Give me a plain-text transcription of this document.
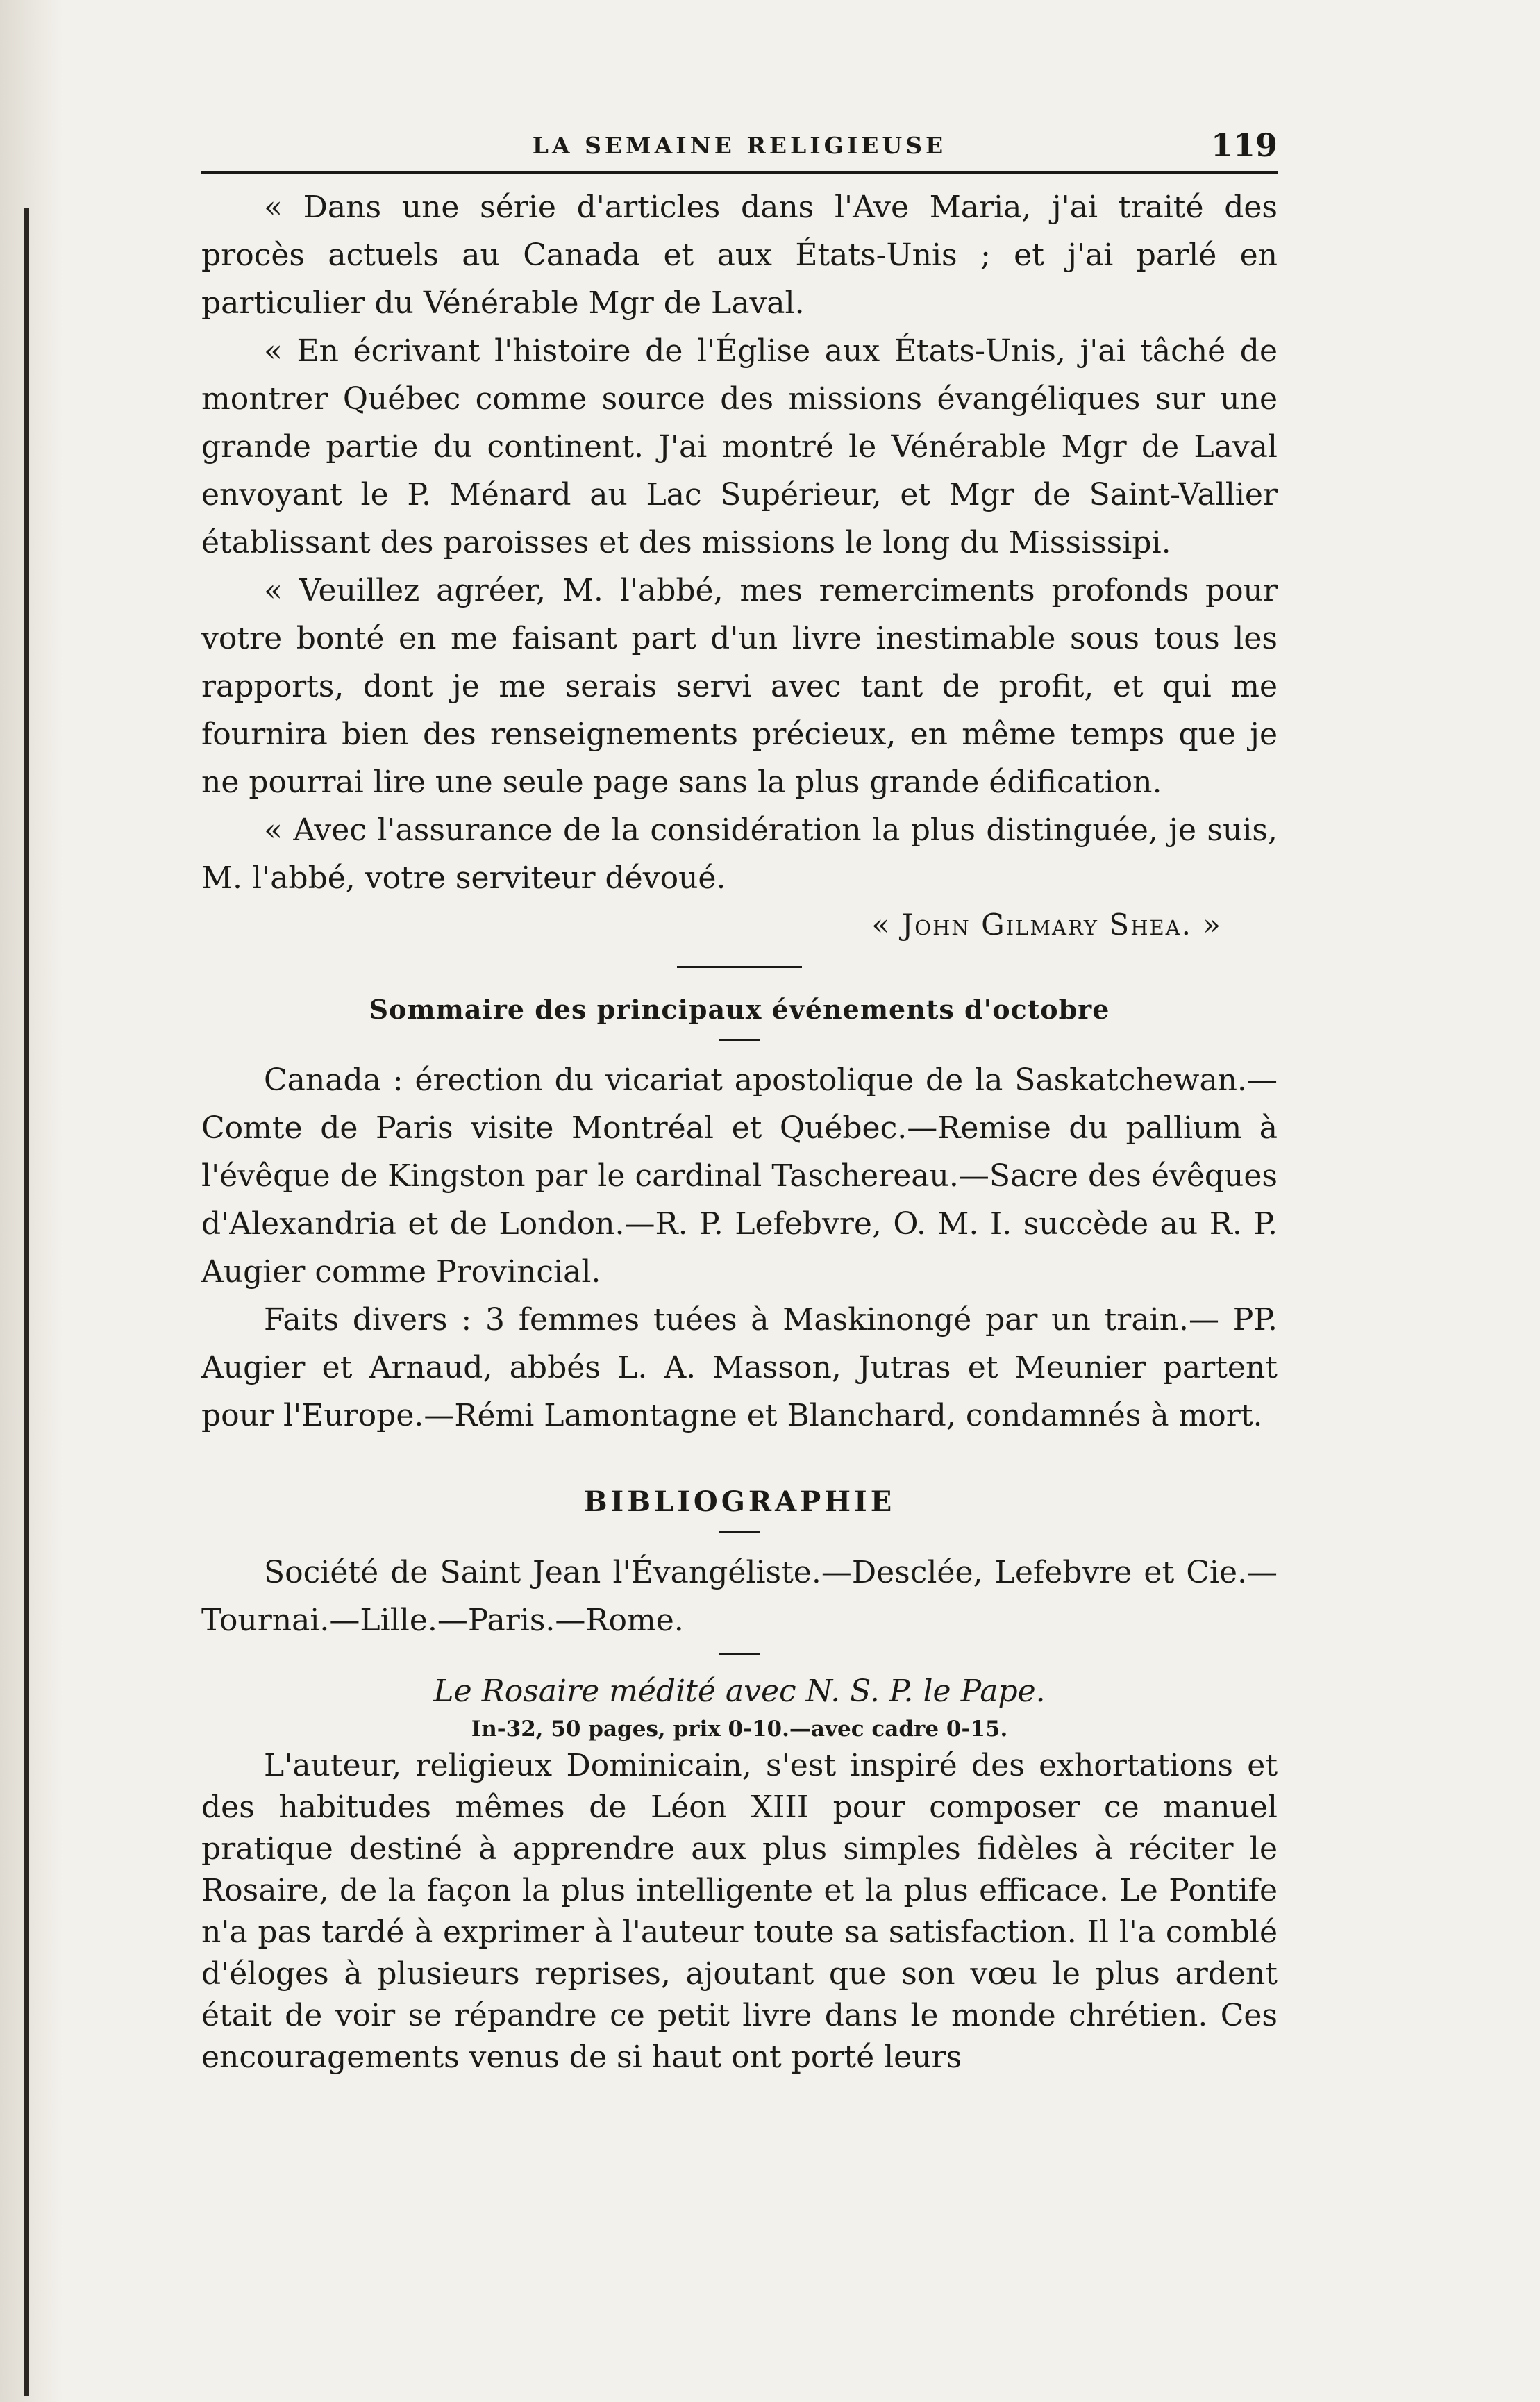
LA SEMAINE RELIGIEUSE	119

« Dans une série d'articles dans l'Ave Maria, j'ai traité des procès actuels au Canada et aux États-Unis ; et j'ai parlé en particulier du Vénérable Mgr de Laval.

« En écrivant l'histoire de l'Église aux États-Unis, j'ai tâché de montrer Québec comme source des missions évangéliques sur une grande partie du continent. J'ai montré le Vénérable Mgr de Laval envoyant le P. Ménard au Lac Supérieur, et Mgr de Saint-Vallier établissant des paroisses et des missions le long du Mississipi.

« Veuillez agréer, M. l'abbé, mes remerciments profonds pour votre bonté en me faisant part d'un livre inestimable sous tous les rapports, dont je me serais servi avec tant de profit, et qui me fournira bien des renseignements précieux, en même temps que je ne pourrai lire une seule page sans la plus grande édification.

« Avec l'assurance de la considération la plus distinguée, je suis, M. l'abbé, votre serviteur dévoué.

« John Gilmary Shea. »
Sommaire des principaux événements d'octobre

Canada : érection du vicariat apostolique de la Saskatchewan.— Comte de Paris visite Montréal et Québec.—Remise du pallium à l'évêque de Kingston par le cardinal Taschereau.—Sacre des évêques d'Alexandria et de London.—R. P. Lefebvre, O. M. I. succède au R. P. Augier comme Provincial.

Faits divers : 3 femmes tuées à Maskinongé par un train.— PP. Augier et Arnaud, abbés L. A. Masson, Jutras et Meunier partent pour l'Europe.—Rémi Lamontagne et Blanchard, condamnés à mort.

BIBLIOGRAPHIE

Société de Saint Jean l'Évangéliste.—Desclée, Lefebvre et Cie.— Tournai.—Lille.—Paris.—Rome.

Le Rosaire médité avec N. S. P. le Pape.
In-32, 50 pages, prix 0-10.—avec cadre 0-15.

L'auteur, religieux Dominicain, s'est inspiré des exhortations et des habitudes mêmes de Léon XIII pour composer ce manuel pratique destiné à apprendre aux plus simples fidèles à réciter le Rosaire, de la façon la plus intelligente et la plus efficace. Le Pontife n'a pas tardé à exprimer à l'auteur toute sa satisfaction. Il l'a comblé d'éloges à plusieurs reprises, ajoutant que son vœu le plus ardent était de voir se répandre ce petit livre dans le monde chrétien. Ces encouragements venus de si haut ont porté leurs
